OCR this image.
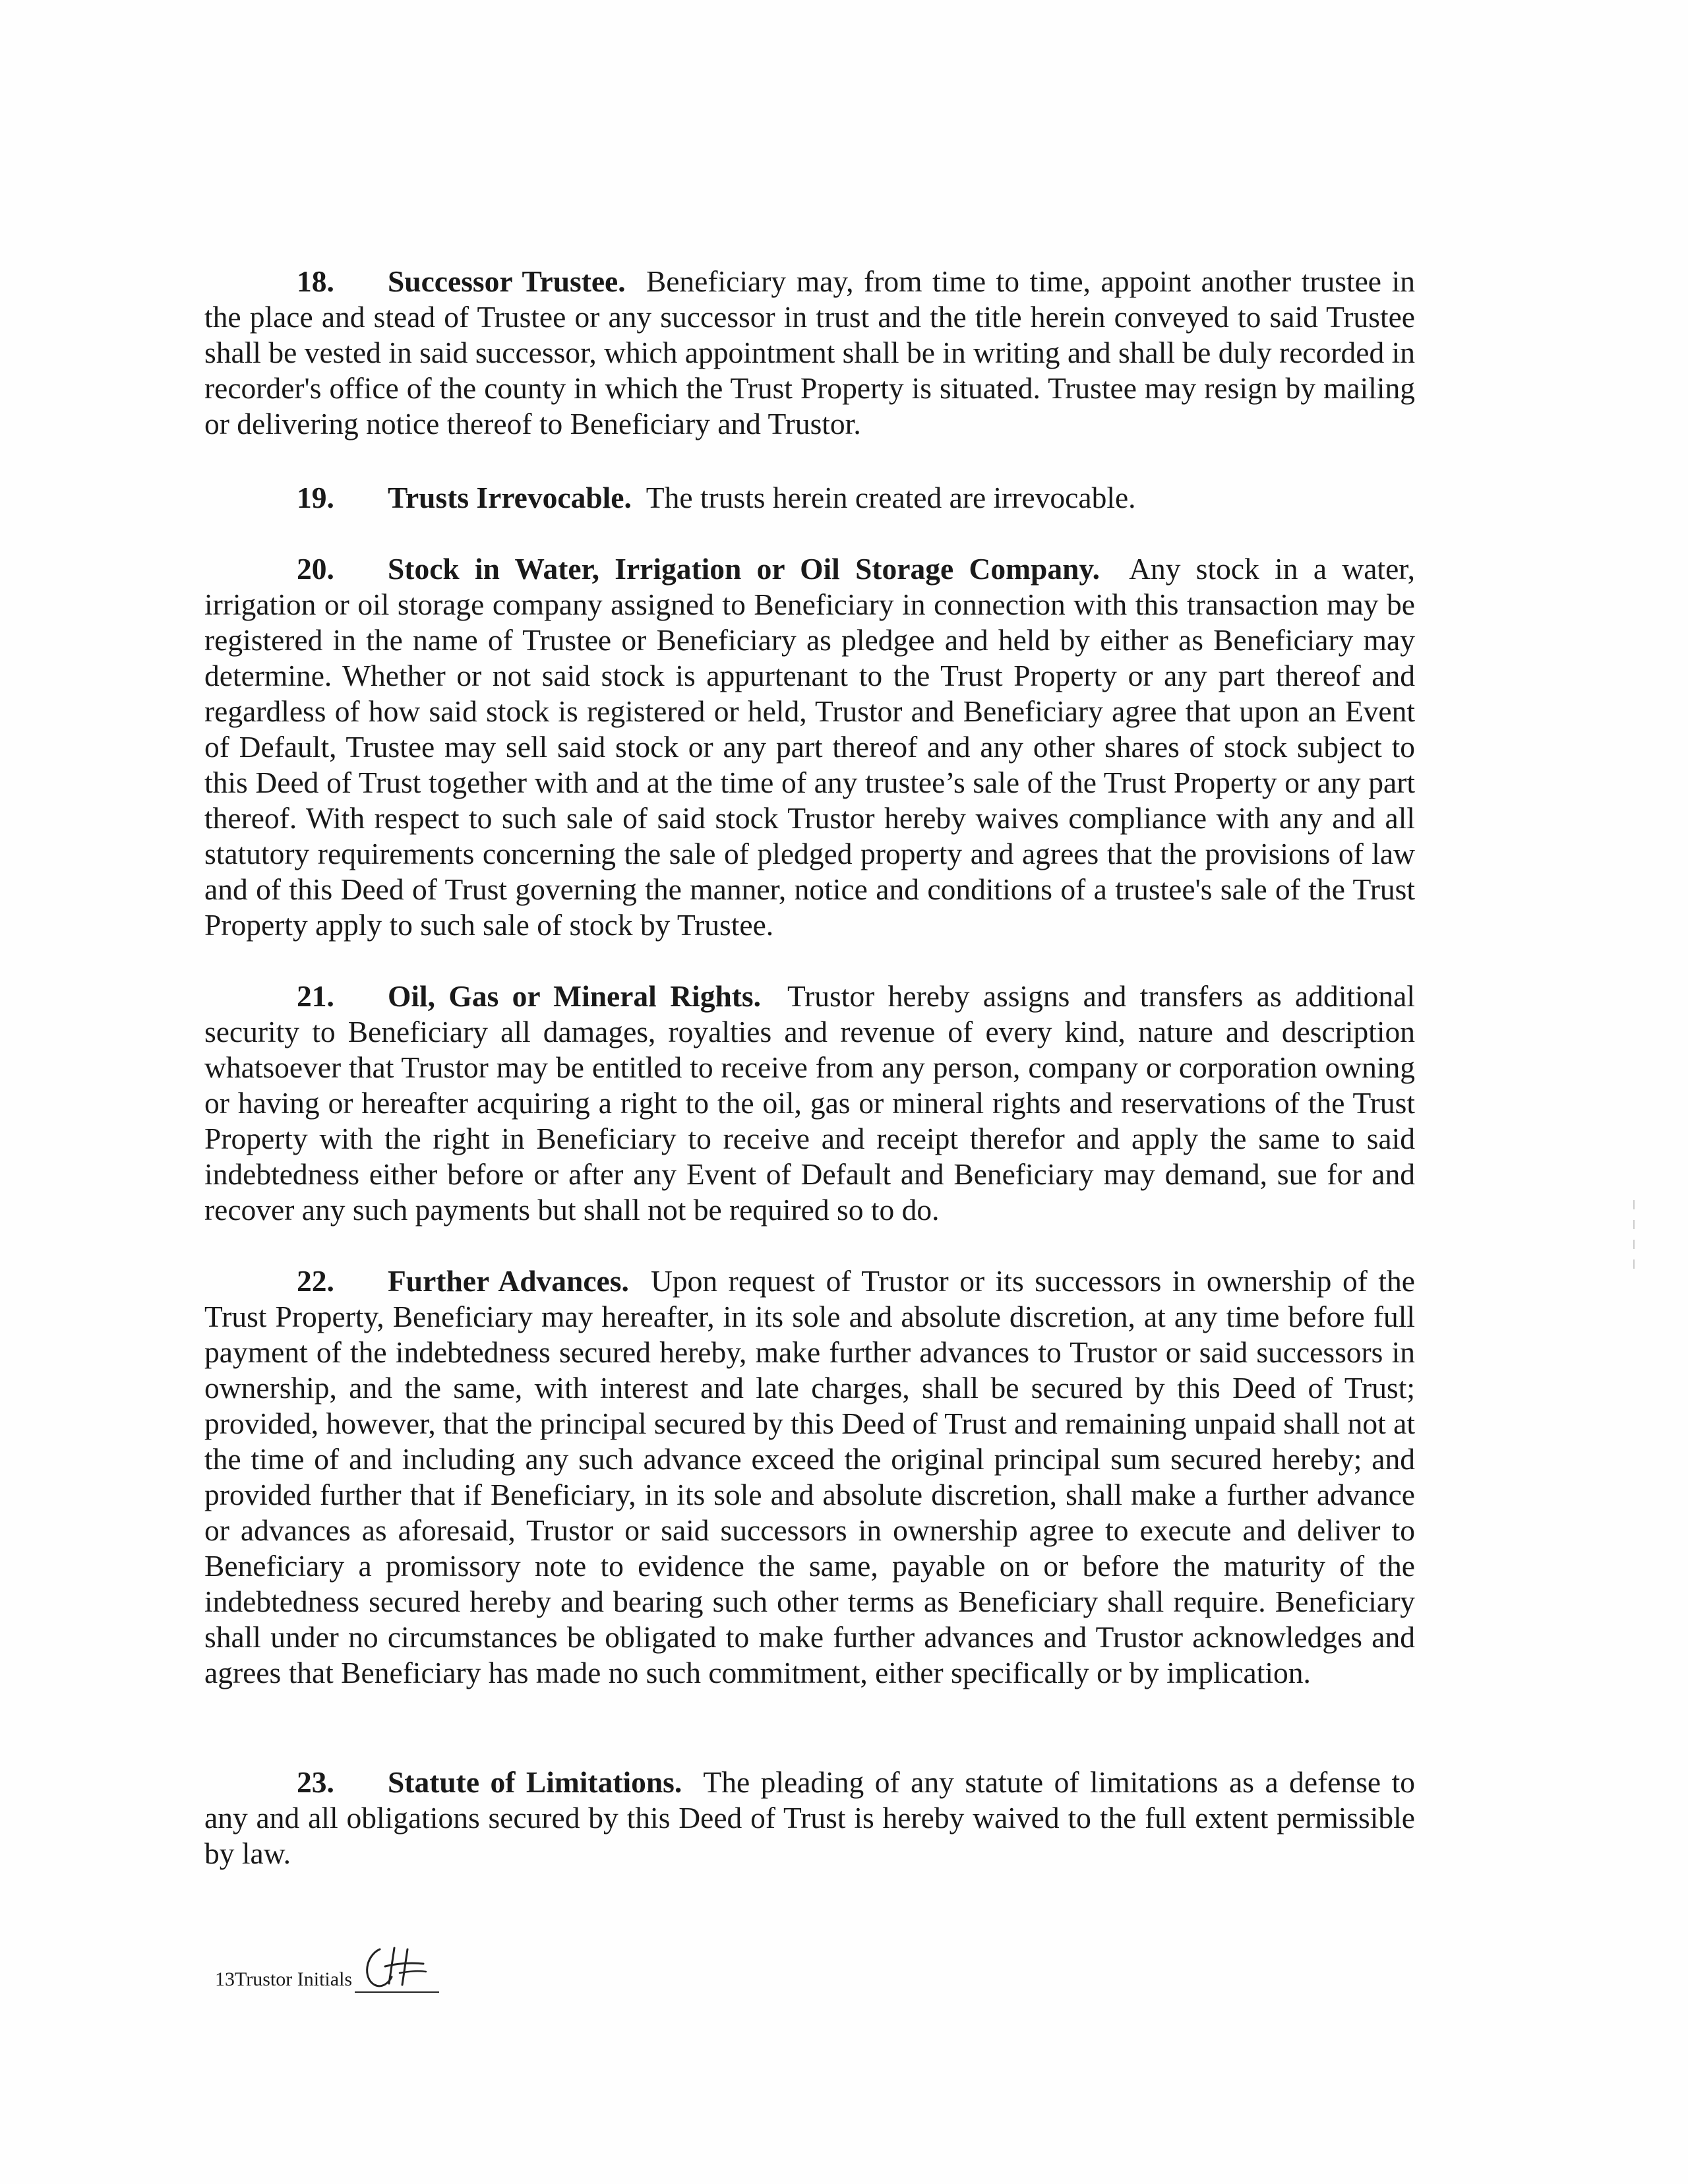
18. Successor Trustee. Beneficiary may, from time to time, appoint another trustee in the place and stead of Trustee or any successor in trust and the title herein conveyed to said Trustee shall be vested in said successor, which appointment shall be in writing and shall be duly recorded in recorder's office of the county in which the Trust Property is situated. Trustee may resign by mailing or delivering notice thereof to Beneficiary and Trustor.

19. Trusts Irrevocable. The trusts herein created are irrevocable.

20. Stock in Water, Irrigation or Oil Storage Company. Any stock in a water, irrigation or oil storage company assigned to Beneficiary in connection with this transaction may be registered in the name of Trustee or Beneficiary as pledgee and held by either as Beneficiary may determine. Whether or not said stock is appurtenant to the Trust Property or any part thereof and regardless of how said stock is registered or held, Trustor and Beneficiary agree that upon an Event of Default, Trustee may sell said stock or any part thereof and any other shares of stock subject to this Deed of Trust together with and at the time of any trustee’s sale of the Trust Property or any part thereof. With respect to such sale of said stock Trustor hereby waives compliance with any and all statutory requirements concerning the sale of pledged property and agrees that the provisions of law and of this Deed of Trust governing the manner, notice and conditions of a trustee's sale of the Trust Property apply to such sale of stock by Trustee.

21. Oil, Gas or Mineral Rights. Trustor hereby assigns and transfers as additional security to Beneficiary all damages, royalties and revenue of every kind, nature and description whatsoever that Trustor may be entitled to receive from any person, company or corporation owning or having or hereafter acquiring a right to the oil, gas or mineral rights and reservations of the Trust Property with the right in Beneficiary to receive and receipt therefor and apply the same to said indebtedness either before or after any Event of Default and Beneficiary may demand, sue for and recover any such payments but shall not be required so to do.

22. Further Advances. Upon request of Trustor or its successors in ownership of the Trust Property, Beneficiary may hereafter, in its sole and absolute discretion, at any time before full payment of the indebtedness secured hereby, make further advances to Trustor or said successors in ownership, and the same, with interest and late charges, shall be secured by this Deed of Trust; provided, however, that the principal secured by this Deed of Trust and remaining unpaid shall not at the time of and including any such advance exceed the original principal sum secured hereby; and provided further that if Beneficiary, in its sole and absolute discretion, shall make a further advance or advances as aforesaid, Trustor or said successors in ownership agree to execute and deliver to Beneficiary a promissory note to evidence the same, payable on or before the maturity of the indebtedness secured hereby and bearing such other terms as Beneficiary shall require. Beneficiary shall under no circumstances be obligated to make further advances and Trustor acknowledges and agrees that Beneficiary has made no such commitment, either specifically or by implication.

23. Statute of Limitations. The pleading of any statute of limitations as a defense to any and all obligations secured by this Deed of Trust is hereby waived to the full extent permissible by law.

13Trustor Initials
